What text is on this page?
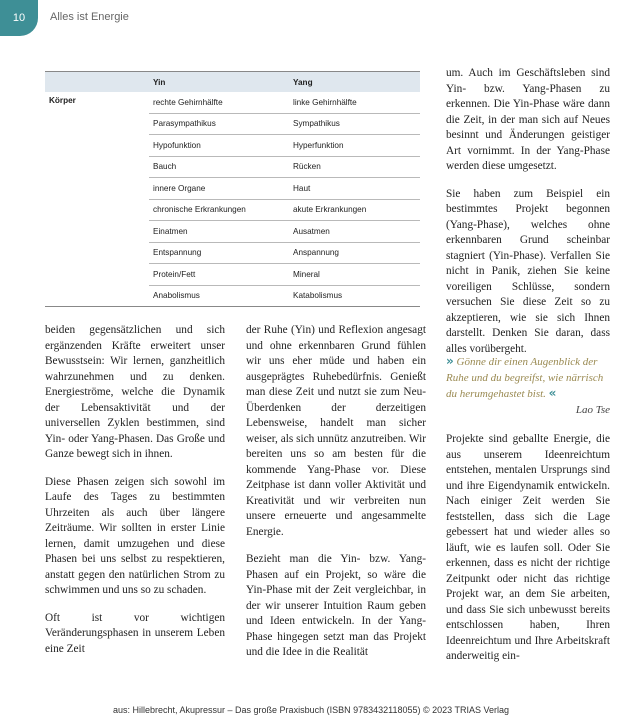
10 Alles ist Energie
	Yin	Yang
Körper	rechte Gehirnhälfte	linke Gehirnhälfte
	Parasympathikus	Sympathikus
	Hypofunktion	Hyperfunktion
	Bauch	Rücken
	innere Organe	Haut
	chronische Erkrankungen	akute Erkrankungen
	Einatmen	Ausatmen
	Entspannung	Anspannung
	Protein/Fett	Mineral
	Anabolismus	Katabolismus

um. Auch im Geschäftsleben sind Yin- bzw. Yang-Phasen zu erkennen. Die Yin-Phase wäre dann die Zeit, in der man sich auf Neues besinnt und Änderungen geistiger Art vornimmt. In der Yang-Phase werden diese umgesetzt.

Sie haben zum Beispiel ein bestimmtes Projekt begonnen (Yang-Phase), welches ohne erkennbaren Grund scheinbar stagniert (Yin-Phase). Verfallen Sie nicht in Panik, ziehen Sie keine voreiligen Schlüsse, sondern versuchen Sie diese Zeit so zu akzeptieren, wie sie sich Ihnen darstellt. Denken Sie daran, dass alles vorübergeht.

» Gönne dir einen Augenblick der Ruhe und du begreifst, wie närrisch du herumgehastet bist. «
Lao Tse

Projekte sind geballte Energie, die aus unserem Ideenreichtum entstehen, mentalen Ursprungs sind und ihre Eigendynamik entwickeln. Nach einiger Zeit werden Sie feststellen, dass sich die Lage gebessert hat und wieder alles so läuft, wie es laufen soll. Oder Sie erkennen, dass es nicht der richtige Zeitpunkt oder nicht das richtige Projekt war, an dem Sie arbeiten, und dass Sie sich unbewusst bereits entschlossen haben, Ihren Ideenreichtum und Ihre Arbeitskraft anderweitig ein-

beiden gegensätzlichen und sich ergänzenden Kräfte erweitert unser Bewusstsein: Wir lernen, ganzheitlich wahrzunehmen und zu denken. Energieströme, welche die Dynamik der Lebensaktivität und der universellen Zyklen bestimmen, sind Yin- oder Yang-Phasen. Das Große und Ganze bewegt sich in ihnen.

Diese Phasen zeigen sich sowohl im Laufe des Tages zu bestimmten Uhrzeiten als auch über längere Zeiträume. Wir sollten in erster Linie lernen, damit umzugehen und diese Phasen bei uns selbst zu respektieren, anstatt gegen den natürlichen Strom zu schwimmen und uns so zu schaden.

Oft ist vor wichtigen Veränderungsphasen in unserem Leben eine Zeit

der Ruhe (Yin) und Reflexion angesagt und ohne erkennbaren Grund fühlen wir uns eher müde und haben ein ausgeprägtes Ruhebedürfnis. Genießt man diese Zeit und nutzt sie zum Neu-Überdenken der derzeitigen Lebensweise, handelt man sicher weiser, als sich unnütz anzutreiben. Wir bereiten uns so am besten für die kommende Yang-Phase vor. Diese Zeitphase ist dann voller Aktivität und Kreativität und wir verbreiten nun unsere erneuerte und angesammelte Energie.

Bezieht man die Yin- bzw. Yang-Phasen auf ein Projekt, so wäre die Yin-Phase mit der Zeit vergleichbar, in der wir unserer Intuition Raum geben und Ideen entwickeln. In der Yang-Phase hingegen setzt man das Projekt und die Idee in die Realität

aus: Hillebrecht, Akupressur – Das große Praxisbuch (ISBN 9783432118055) © 2023 TRIAS Verlag
